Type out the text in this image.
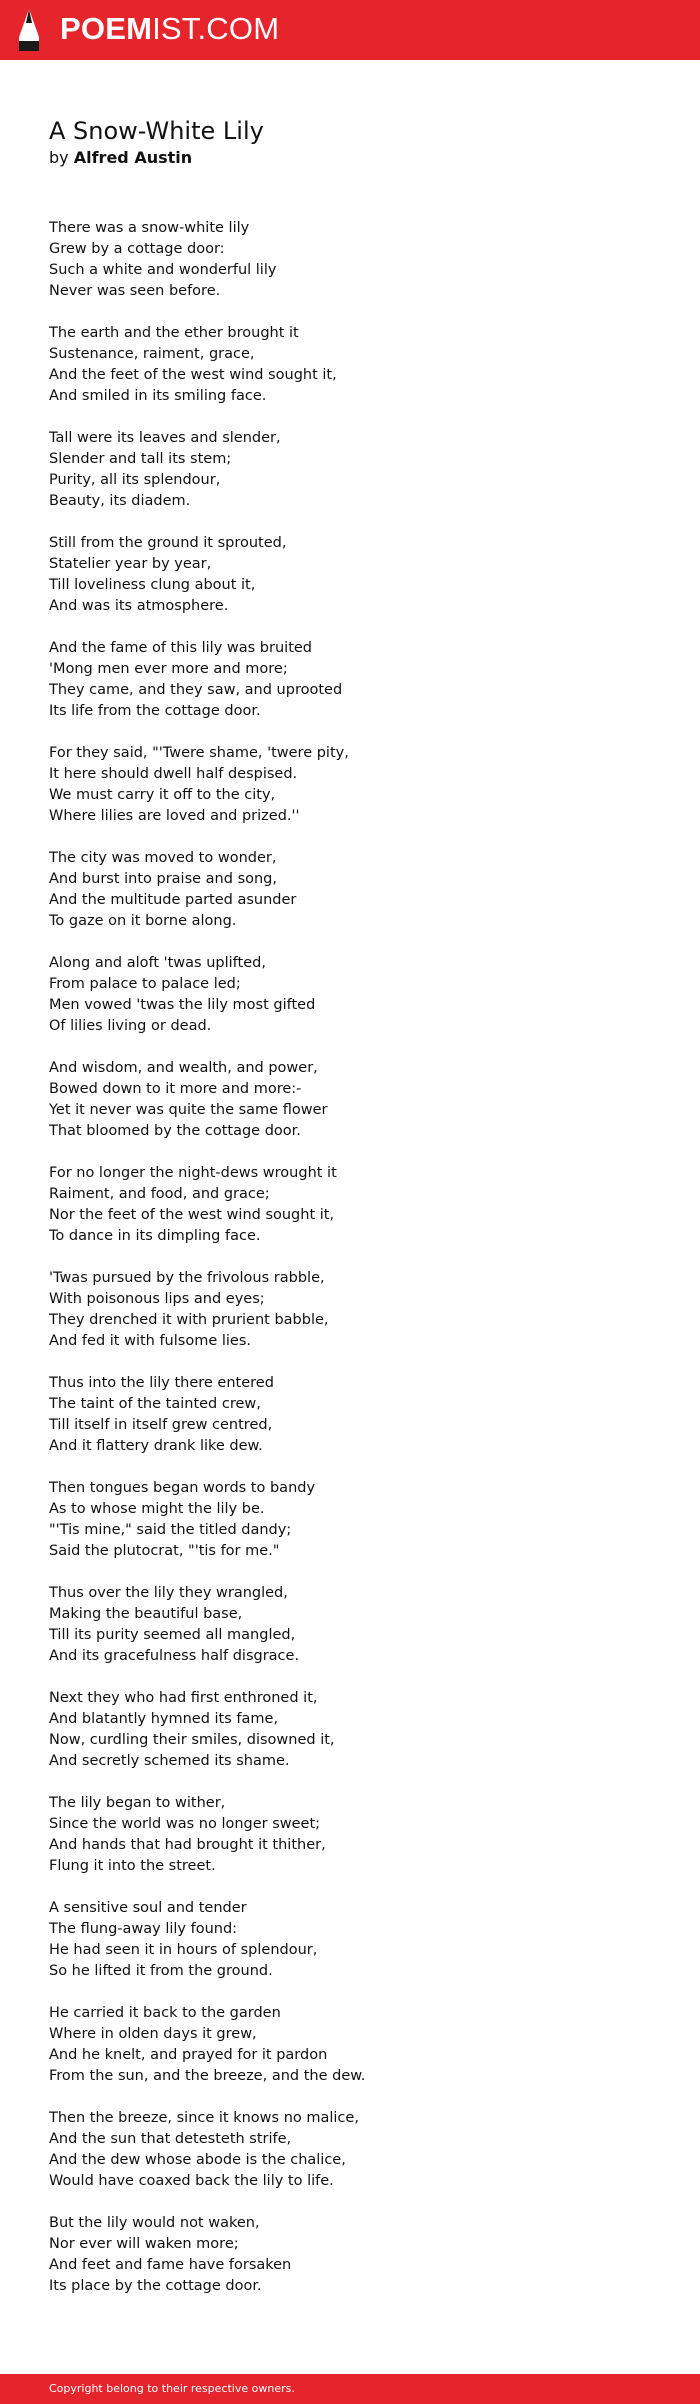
POEMIST.COM
A Snow-White Lily
by Alfred Austin
There was a snow-white lily
Grew by a cottage door:
Such a white and wonderful lily
Never was seen before.
The earth and the ether brought it
Sustenance, raiment, grace,
And the feet of the west wind sought it,
And smiled in its smiling face.
Tall were its leaves and slender,
Slender and tall its stem;
Purity, all its splendour,
Beauty, its diadem.
Still from the ground it sprouted,
Statelier year by year,
Till loveliness clung about it,
And was its atmosphere.
And the fame of this lily was bruited
'Mong men ever more and more;
They came, and they saw, and uprooted
Its life from the cottage door.
For they said, "'Twere shame, 'twere pity,
It here should dwell half despised.
We must carry it off to the city,
Where lilies are loved and prized.''
The city was moved to wonder,
And burst into praise and song,
And the multitude parted asunder
To gaze on it borne along.
Along and aloft 'twas uplifted,
From palace to palace led;
Men vowed 'twas the lily most gifted
Of lilies living or dead.
And wisdom, and wealth, and power,
Bowed down to it more and more:-
Yet it never was quite the same flower
That bloomed by the cottage door.
For no longer the night-dews wrought it
Raiment, and food, and grace;
Nor the feet of the west wind sought it,
To dance in its dimpling face.
'Twas pursued by the frivolous rabble,
With poisonous lips and eyes;
They drenched it with prurient babble,
And fed it with fulsome lies.
Thus into the lily there entered
The taint of the tainted crew,
Till itself in itself grew centred,
And it flattery drank like dew.
Then tongues began words to bandy
As to whose might the lily be.
"'Tis mine," said the titled dandy;
Said the plutocrat, "'tis for me."
Thus over the lily they wrangled,
Making the beautiful base,
Till its purity seemed all mangled,
And its gracefulness half disgrace.
Next they who had first enthroned it,
And blatantly hymned its fame,
Now, curdling their smiles, disowned it,
And secretly schemed its shame.
The lily began to wither,
Since the world was no longer sweet;
And hands that had brought it thither,
Flung it into the street.
A sensitive soul and tender
The flung-away lily found:
He had seen it in hours of splendour,
So he lifted it from the ground.
He carried it back to the garden
Where in olden days it grew,
And he knelt, and prayed for it pardon
From the sun, and the breeze, and the dew.
Then the breeze, since it knows no malice,
And the sun that detesteth strife,
And the dew whose abode is the chalice,
Would have coaxed back the lily to life.
But the lily would not waken,
Nor ever will waken more;
And feet and fame have forsaken
Its place by the cottage door.
Copyright belong to their respective owners.
